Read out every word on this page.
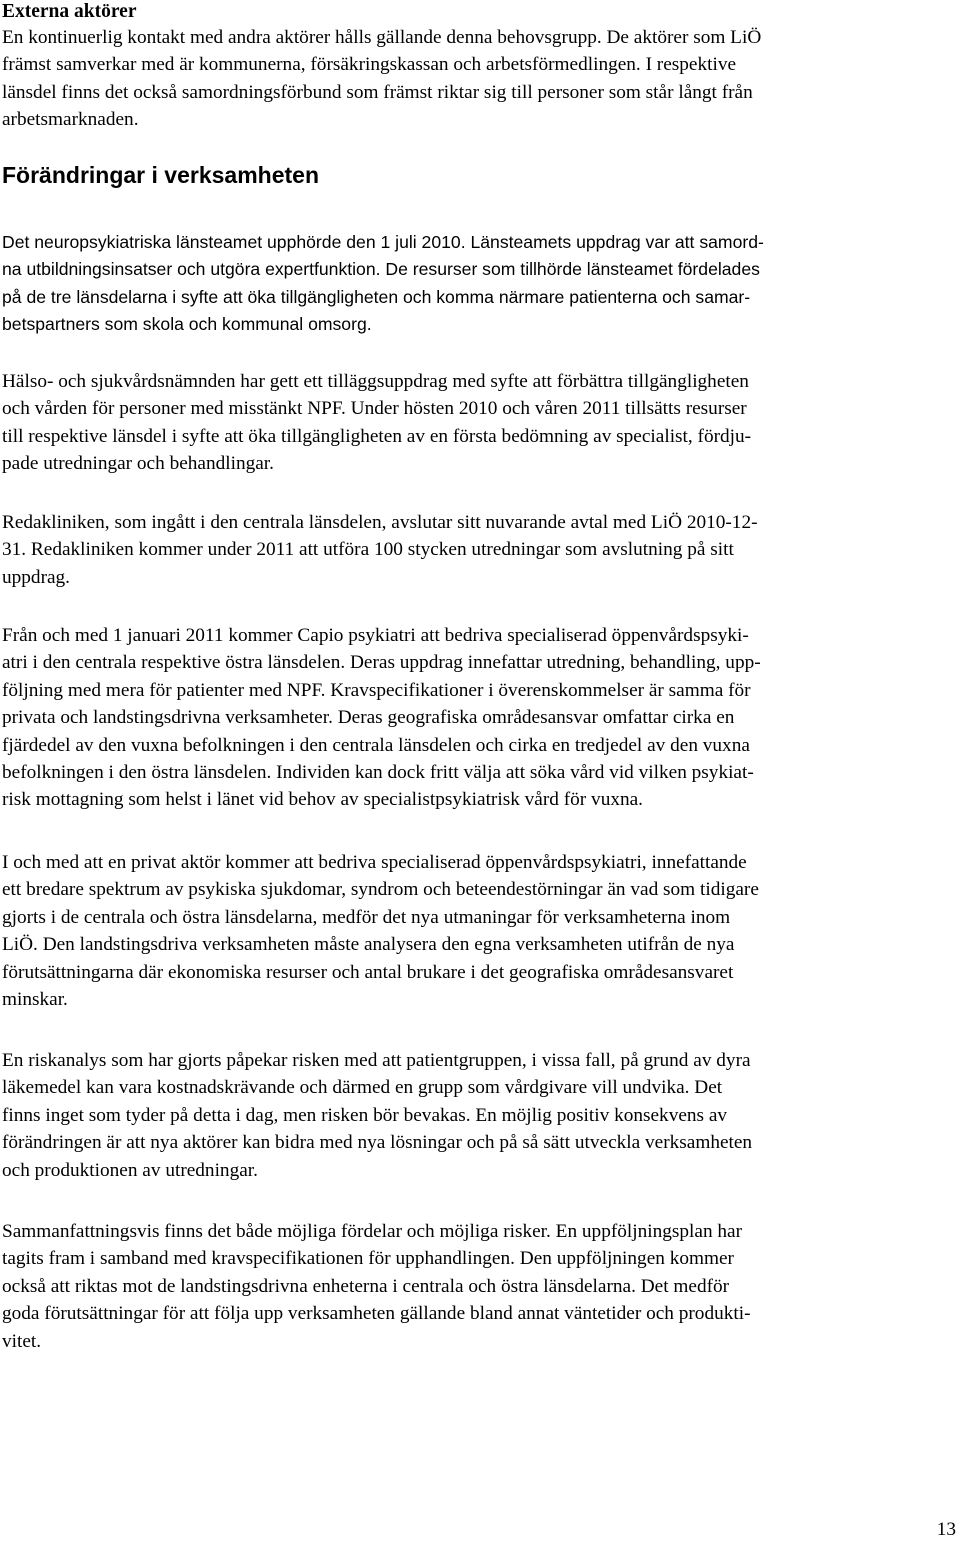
Externa aktörer

En kontinuerlig kontakt med andra aktörer hålls gällande denna behovsgrupp. De aktörer som LiÖ
främst samverkar med är kommunerna, försäkringskassan och arbetsförmedlingen. I respektive
länsdel finns det också samordningsförbund som främst riktar sig till personer som står långt från
arbetsmarknaden.

Förändringar i verksamheten

Det neuropsykiatriska länsteamet upphörde den 1 juli 2010. Länsteamets uppdrag var att samord-
na utbildningsinsatser och utgöra expertfunktion. De resurser som tillhörde länsteamet fördelades
på de tre länsdelarna i syfte att öka tillgängligheten och komma närmare patienterna och samar-
betspartners som skola och kommunal omsorg.

Hälso- och sjukvårdsnämnden har gett ett tilläggsuppdrag med syfte att förbättra tillgängligheten
och vården för personer med misstänkt NPF. Under hösten 2010 och våren 2011 tillsätts resurser
till respektive länsdel i syfte att öka tillgängligheten av en första bedömning av specialist, fördju-
pade utredningar och behandlingar.

Redakliniken, som ingått i den centrala länsdelen, avslutar sitt nuvarande avtal med LiÖ 2010-12-
31. Redakliniken kommer under 2011 att utföra 100 stycken utredningar som avslutning på sitt
uppdrag.

Från och med 1 januari 2011 kommer Capio psykiatri att bedriva specialiserad öppenvårdspsyki-
atri i den centrala respektive östra länsdelen. Deras uppdrag innefattar utredning, behandling, upp-
följning med mera för patienter med NPF. Kravspecifikationer i överenskommelser är samma för
privata och landstingsdrivna verksamheter. Deras geografiska områdesansvar omfattar cirka en
fjärdedel av den vuxna befolkningen i den centrala länsdelen och cirka en tredjedel av den vuxna
befolkningen i den östra länsdelen. Individen kan dock fritt välja att söka vård vid vilken psykiat-
risk mottagning som helst i länet vid behov av specialistpsykiatrisk vård för vuxna.

I och med att en privat aktör kommer att bedriva specialiserad öppenvårdspsykiatri, innefattande
ett bredare spektrum av psykiska sjukdomar, syndrom och beteendestörningar än vad som tidigare
gjorts i de centrala och östra länsdelarna, medför det nya utmaningar för verksamheterna inom
LiÖ. Den landstingsdriva verksamheten måste analysera den egna verksamheten utifrån de nya
förutsättningarna där ekonomiska resurser och antal brukare i det geografiska områdesansvaret
minskar.

En riskanalys som har gjorts påpekar risken med att patientgruppen, i vissa fall, på grund av dyra
läkemedel kan vara kostnadskrävande och därmed en grupp som vårdgivare vill undvika. Det
finns inget som tyder på detta i dag, men risken bör bevakas. En möjlig positiv konsekvens av
förändringen är att nya aktörer kan bidra med nya lösningar och på så sätt utveckla verksamheten
och produktionen av utredningar.

Sammanfattningsvis finns det både möjliga fördelar och möjliga risker. En uppföljningsplan har
tagits fram i samband med kravspecifikationen för upphandlingen. Den uppföljningen kommer
också att riktas mot de landstingsdrivna enheterna i centrala och östra länsdelarna. Det medför
goda förutsättningar för att följa upp verksamheten gällande bland annat väntetider och produkti-
vitet.

13
